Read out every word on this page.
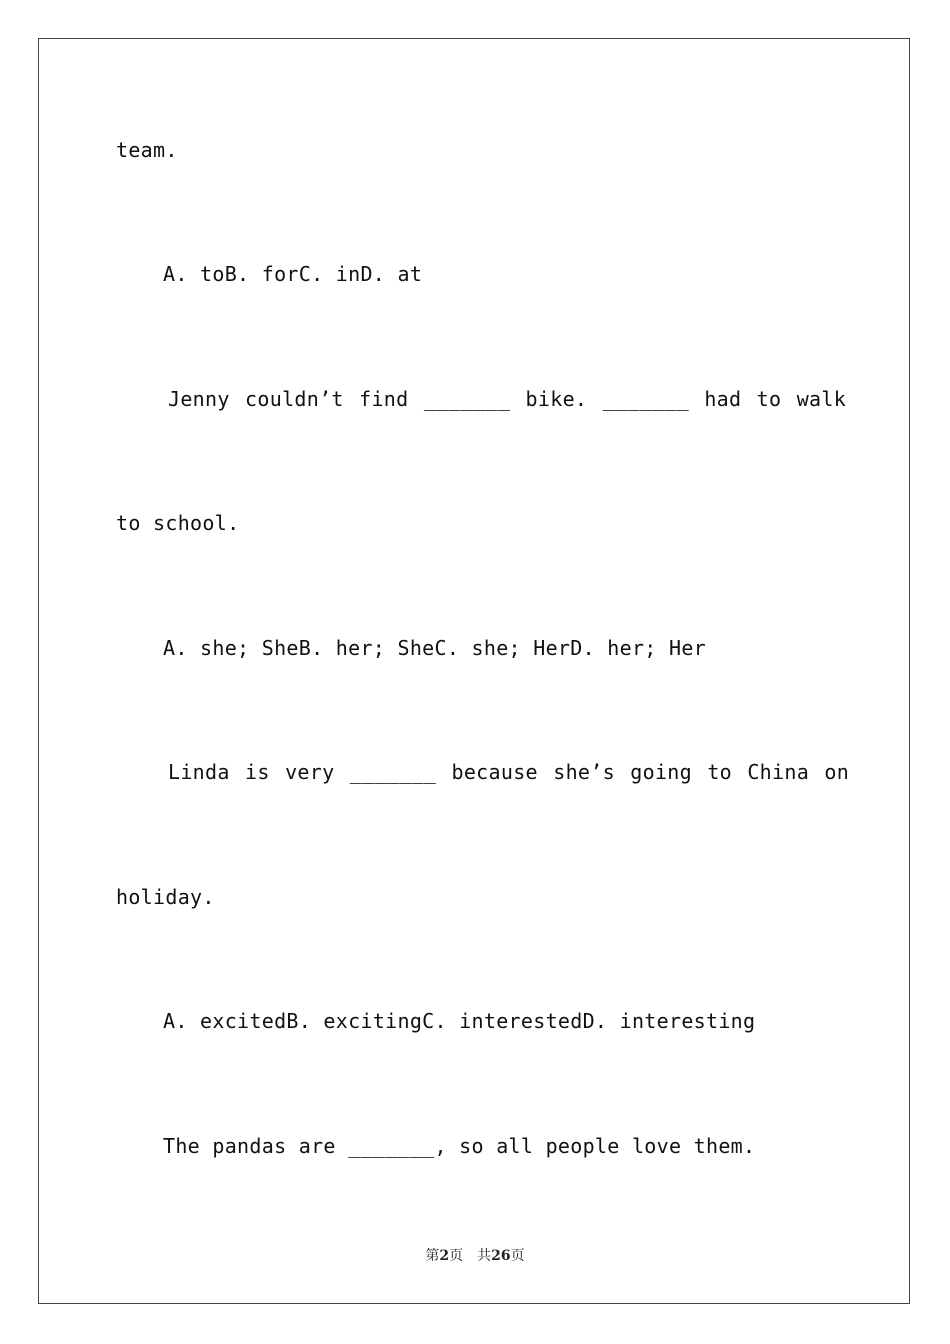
team.
A. toB. forC. inD. at
Jenny couldn’t find _______ bike. _______ had to walk
to school.
A. she; SheB. her; SheC. she; HerD. her; Her
Linda is very _______ because she’s going to China on
holiday.
A. excitedB. excitingC. interestedD. interesting
The pandas are _______, so all people love them.
第2页　共26页
